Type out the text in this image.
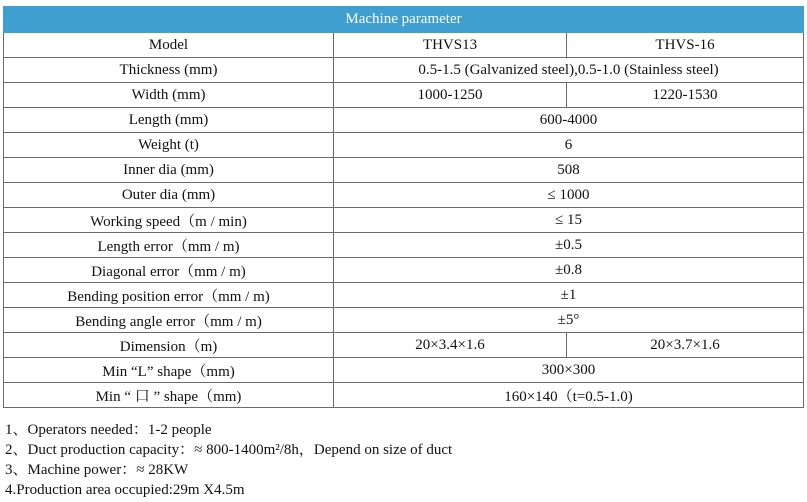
Machine parameter		
Model	THVS13	THVS-16
Thickness (mm)	0.5-1.5 (Galvanized steel),0.5-1.0 (Stainless steel)	
Width (mm)	1000-1250	1220-1530
Length (mm)	600-4000	
Weight (t)	6	
Inner dia (mm)	508	
Outer dia (mm)	≤ 1000	
Working speed（m / min)	≤ 15	
Length error（mm / m)	±0.5	
Diagonal error（mm / m)	±0.8	
Bending position error（mm / m)	±1	
Bending angle error（mm / m)	±5°	
Dimension（m)	20×3.4×1.6	20×3.7×1.6
Min “L” shape（mm)	300×300	
Min “ 口 ” shape（mm)	160×140（t=0.5-1.0)	
1、Operators needed：1-2 people
2、Duct production capacity：≈ 800-1400m²/8h，Depend on size of duct
3、Machine power：≈ 28KW
4.Production area occupied:29m X4.5m
